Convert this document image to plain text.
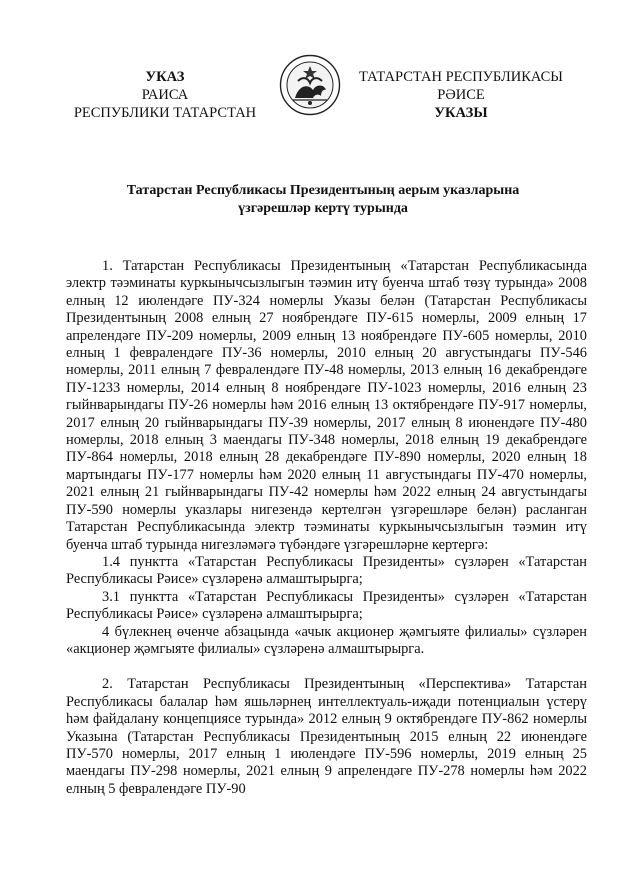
УКАЗ
РАИСА
РЕСПУБЛИКИ ТАТАРСТАН
ТАТАРСТАН РЕСПУБЛИКАСЫ
РӘИСЕ
УКАЗЫ
Татарстан Республикасы Президентының аерым указларына
үзгәрешләр кертү турында

1. Татарстан Республикасы Президентының «Татарстан Республикасында электр тәэминаты куркынычсызлыгын тәэмин итү буенча штаб төзү турында» 2008 елның 12 июлендәге ПУ-324 номерлы Указы белән (Татарстан Республикасы Президентының 2008 елның 27 ноябрендәге ПУ-615 номерлы, 2009 елның 17 апрелендәге ПУ-209 номерлы, 2009 елның 13 ноябрендәге ПУ-605 номерлы, 2010 елның 1 февралендәге ПУ-36 номерлы, 2010 елның 20 августындагы ПУ-546 номерлы, 2011 елның 7 февралендәге ПУ-48 номерлы, 2013 елның 16 декабрендәге ПУ-1233 номерлы, 2014 елның 8 ноябрендәге ПУ-1023 номерлы, 2016 елның 23 гыйнварындагы ПУ-26 номерлы һәм 2016 елның 13 октябрендәге ПУ-917 номерлы, 2017 елның 20 гыйнварындагы ПУ-39 номерлы, 2017 елның 8 июнендәге ПУ-480 номерлы, 2018 елның 3 маендагы ПУ-348 номерлы, 2018 елның 19 декабрендәге ПУ-864 номерлы, 2018 елның 28 декабрендәге ПУ-890 номерлы, 2020 елның 18 мартындагы ПУ-177 номерлы һәм 2020 елның 11 августындагы ПУ-470 номерлы, 2021 елның 21 гыйнварындагы ПУ-42 номерлы һәм 2022 елның 24 августындагы ПУ-590 номерлы указлары нигезендә кертелгән үзгәрешләре белән) расланган Татарстан Республикасында электр тәэминаты куркынычсызлыгын тәэмин итү буенча штаб турында нигезләмәгә түбәндәге үзгәрешләрне кертергә:

1.4 пунктта «Татарстан Республикасы Президенты» сүзләрен «Татарстан Республикасы Рәисе» сүзләренә алмаштырырга;

3.1 пунктта «Татарстан Республикасы Президенты» сүзләрен «Татарстан Республикасы Рәисе» сүзләренә алмаштырырга;

4 бүлекнең өченче абзацында «ачык акционер җәмгыяте филиалы» сүзләрен «акционер җәмгыяте филиалы» сүзләренә алмаштырырга.

2. Татарстан Республикасы Президентының «Перспектива» Татарстан Республикасы балалар һәм яшьләрнең интеллектуаль-иҗади потенциалын үстерү һәм файдалану концепциясе турында» 2012 елның 9 октябрендәге ПУ-862 номерлы Указына (Татарстан Республикасы Президентының 2015 елның 22 июнендәге ПУ-570 номерлы, 2017 елның 1 июлендәге ПУ-596 номерлы, 2019 елның 25 маендагы ПУ-298 номерлы, 2021 елның 9 апрелендәге ПУ-278 номерлы һәм 2022 елның 5 февралендәге ПУ-90
